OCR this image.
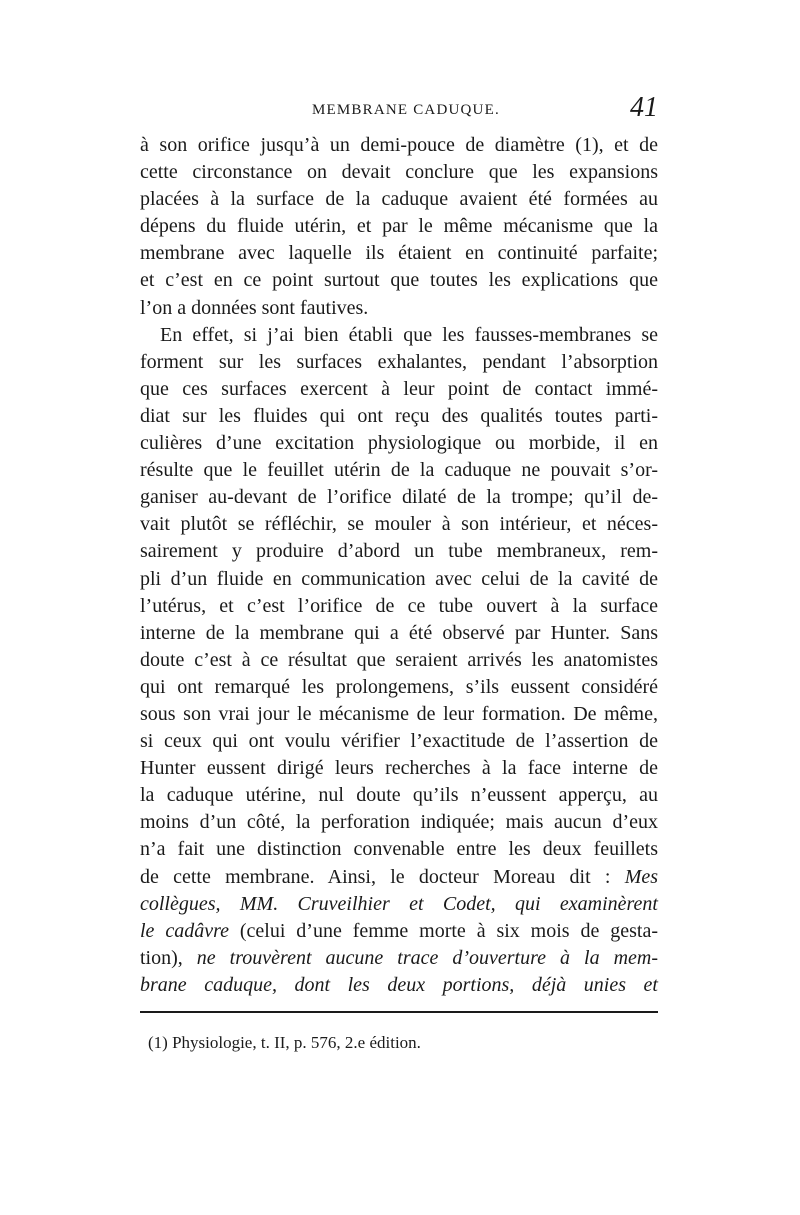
MEMBRANE CADUQUE.	41
à son orifice jusqu’à un demi-pouce de diamètre (1), et de
cette circonstance on devait conclure que les expansions
placées à la surface de la caduque avaient été formées au
dépens du fluide utérin, et par le même mécanisme que la
membrane avec laquelle ils étaient en continuité parfaite;
et c’est en ce point surtout que toutes les explications que
l’on a données sont fautives.
En effet, si j’ai bien établi que les fausses-membranes se
forment sur les surfaces exhalantes, pendant l’absorption
que ces surfaces exercent à leur point de contact immé-
diat sur les fluides qui ont reçu des qualités toutes parti-
culières d’une excitation physiologique ou morbide, il en
résulte que le feuillet utérin de la caduque ne pouvait s’or-
ganiser au-devant de l’orifice dilaté de la trompe; qu’il de-
vait plutôt se réfléchir, se mouler à son intérieur, et néces-
sairement y produire d’abord un tube membraneux, rem-
pli d’un fluide en communication avec celui de la cavité de
l’utérus, et c’est l’orifice de ce tube ouvert à la surface
interne de la membrane qui a été observé par Hunter. Sans
doute c’est à ce résultat que seraient arrivés les anatomistes
qui ont remarqué les prolongemens, s’ils eussent considéré
sous son vrai jour le mécanisme de leur formation. De même,
si ceux qui ont voulu vérifier l’exactitude de l’assertion de
Hunter eussent dirigé leurs recherches à la face interne de
la caduque utérine, nul doute qu’ils n’eussent apperçu, au
moins d’un côté, la perforation indiquée; mais aucun d’eux
n’a fait une distinction convenable entre les deux feuillets
de cette membrane. Ainsi, le docteur Moreau dit : Mes
collègues, MM. Cruveilhier et Codet, qui examinèrent
le cadâvre (celui d’une femme morte à six mois de gesta-
tion), ne trouvèrent aucune trace d’ouverture à la mem-
brane caduque, dont les deux portions, déjà unies et
(1) Physiologie, t. II, p. 576, 2.e édition.
